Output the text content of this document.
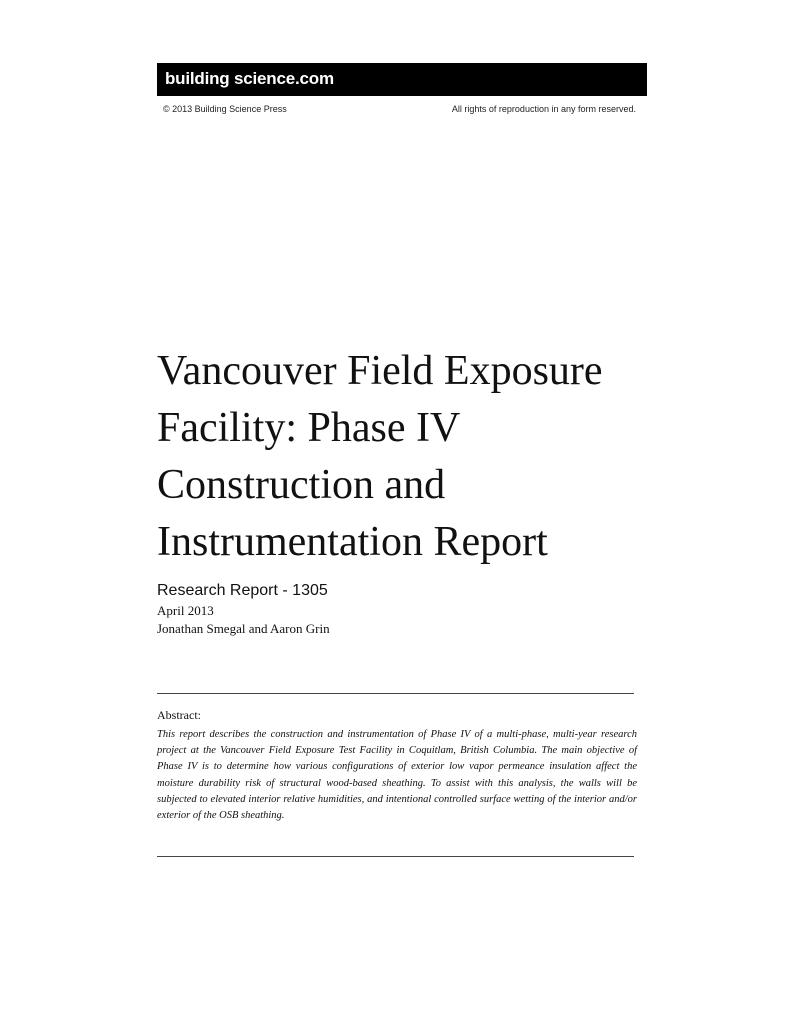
building science.com
© 2013 Building Science Press	All rights of reproduction in any form reserved.
Vancouver Field Exposure
Facility: Phase IV
Construction and
Instrumentation Report
Research Report - 1305
April 2013
Jonathan Smegal and Aaron Grin
Abstract:
This report describes the construction and instrumentation of Phase IV of a multi-phase, multi-year research project at the Vancouver Field Exposure Test Facility in Coquitlam, British Columbia. The main objective of Phase IV is to determine how various configurations of exterior low vapor permeance insulation affect the moisture durability risk of structural wood-based sheathing. To assist with this analysis, the walls will be subjected to elevated interior relative humidities, and intentional controlled surface wetting of the interior and/or exterior of the OSB sheathing.
